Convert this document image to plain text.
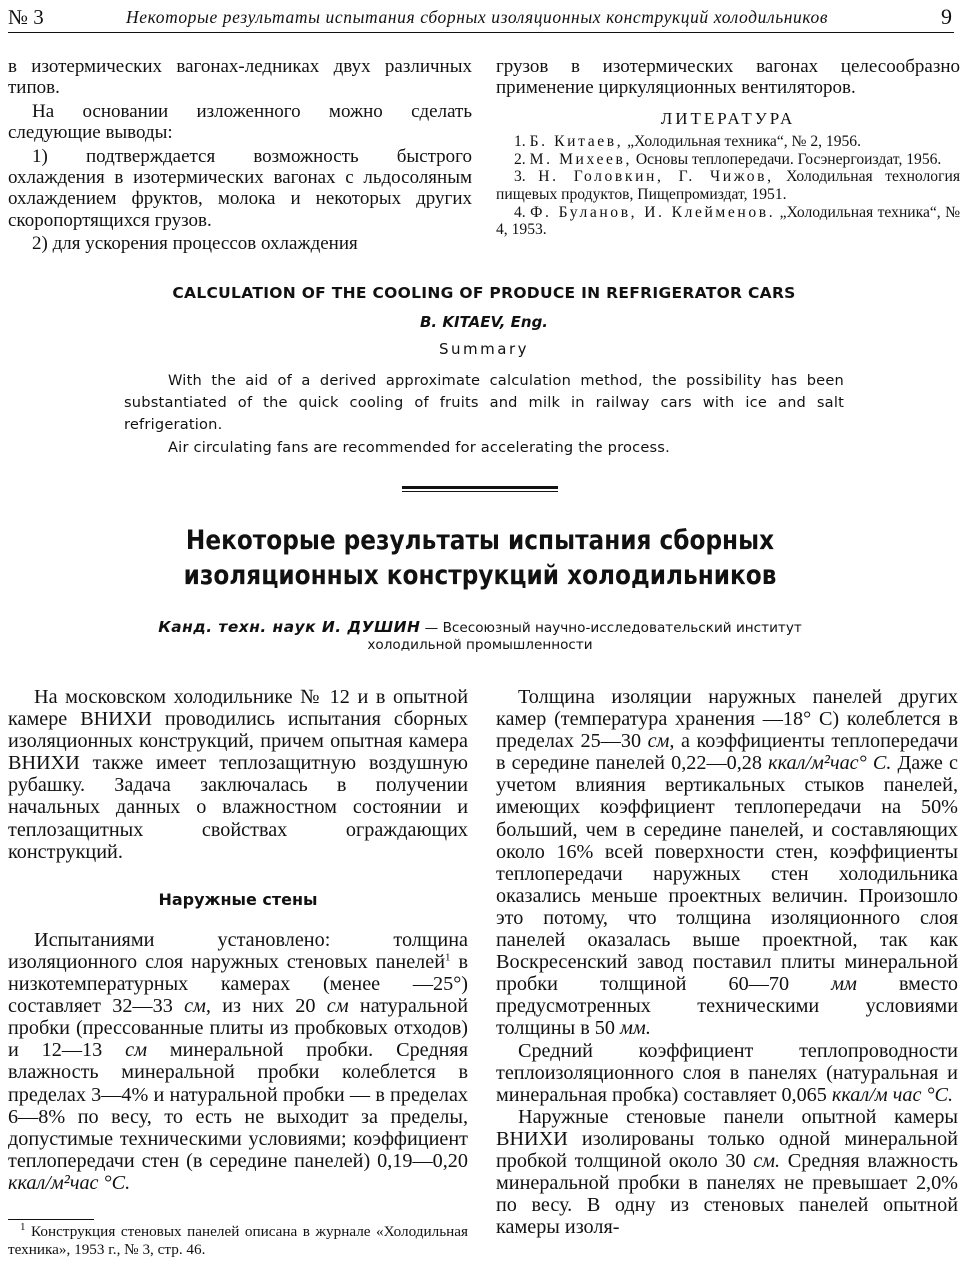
№ 3	Некоторые результаты испытания сборных изоляционных конструкций холодильников	9

в изотермических вагонах-ледниках двух различных типов.

На основании изложенного можно сделать следующие выводы:

1) подтверждается возможность быстрого охлаждения в изотермических вагонах с льдосоляным охлаждением фруктов, молока и некоторых других скоропортящихся грузов.

2) для ускорения процессов охлаждения

грузов в изотермических вагонах целесообразно применение циркуляционных вентиляторов.

ЛИТЕРАТУРА

1. Б. Китаев, „Холодильная техника“, № 2, 1956.

2. М. Михеев, Основы теплопередачи. Госэнергоиздат, 1956.

3. Н. Головкин, Г. Чижов, Холодильная технология пищевых продуктов, Пищепромиздат, 1951.

4. Ф. Буланов, И. Клейменов. „Холодильная техника“, № 4, 1953.

CALCULATION OF THE COOLING OF PRODUCE IN REFRIGERATOR CARS
B. KITAEV, Eng.
Summary

With the aid of a derived approximate calculation method, the possibility has been substantiated of the quick cooling of fruits and milk in railway cars with ice and salt refrigeration.

Air circulating fans are recommended for accelerating the process.

Некоторые результаты испытания сборных
изоляционных конструкций холодильников
Канд. техн. наук И. ДУШИН — Всесоюзный научно-исследовательский институт
холодильной промышленности

На московском холодильнике № 12 и в опытной камере ВНИХИ проводились испытания сборных изоляционных конструкций, причем опытная камера ВНИХИ также имеет теплозащитную воздушную рубашку. Задача заключалась в получении начальных данных о влажностном состоянии и теплозащитных свойствах ограждающих конструкций.

Наружные стены

Испытаниями установлено: толщина изоляционного слоя наружных стеновых панелей$^1$ в низкотемпературных камерах (менее —25°) составляет 32—33 см, из них 20 см натуральной пробки (прессованные плиты из пробковых отходов) и 12—13 см минеральной пробки. Средняя влажность минеральной пробки колеблется в пределах 3—4% и натуральной пробки — в пределах 6—8% по весу, то есть не выходит за пределы, допустимые техническими условиями; коэффициент теплопередачи стен (в середине панелей) 0,19—0,20 ккал/м²час °С.

$^1$ Конструкция стеновых панелей описана в журнале «Холодильная техника», 1953 г., № 3, стр. 46.

Толщина изоляции наружных панелей других камер (температура хранения —18° С) колеблется в пределах 25—30 см, а коэффициенты теплопередачи в середине панелей 0,22—0,28 ккал/м²час° С. Даже с учетом влияния вертикальных стыков панелей, имеющих коэффициент теплопередачи на 50% больший, чем в середине панелей, и составляющих около 16% всей поверхности стен, коэффициенты теплопередачи наружных стен холодильника оказались меньше проектных величин. Произошло это потому, что толщина изоляционного слоя панелей оказалась выше проектной, так как Воскресенский завод поставил плиты минеральной пробки толщиной 60—70 мм вместо предусмотренных техническими условиями толщины в 50 мм.

Средний коэффициент теплопроводности теплоизоляционного слоя в панелях (натуральная и минеральная пробка) составляет 0,065 ккал/м час °С.

Наружные стеновые панели опытной камеры ВНИХИ изолированы только одной минеральной пробкой толщиной около 30 см. Средняя влажность минеральной пробки в панелях не превышает 2,0% по весу. В одну из стеновых панелей опытной камеры изоля-
